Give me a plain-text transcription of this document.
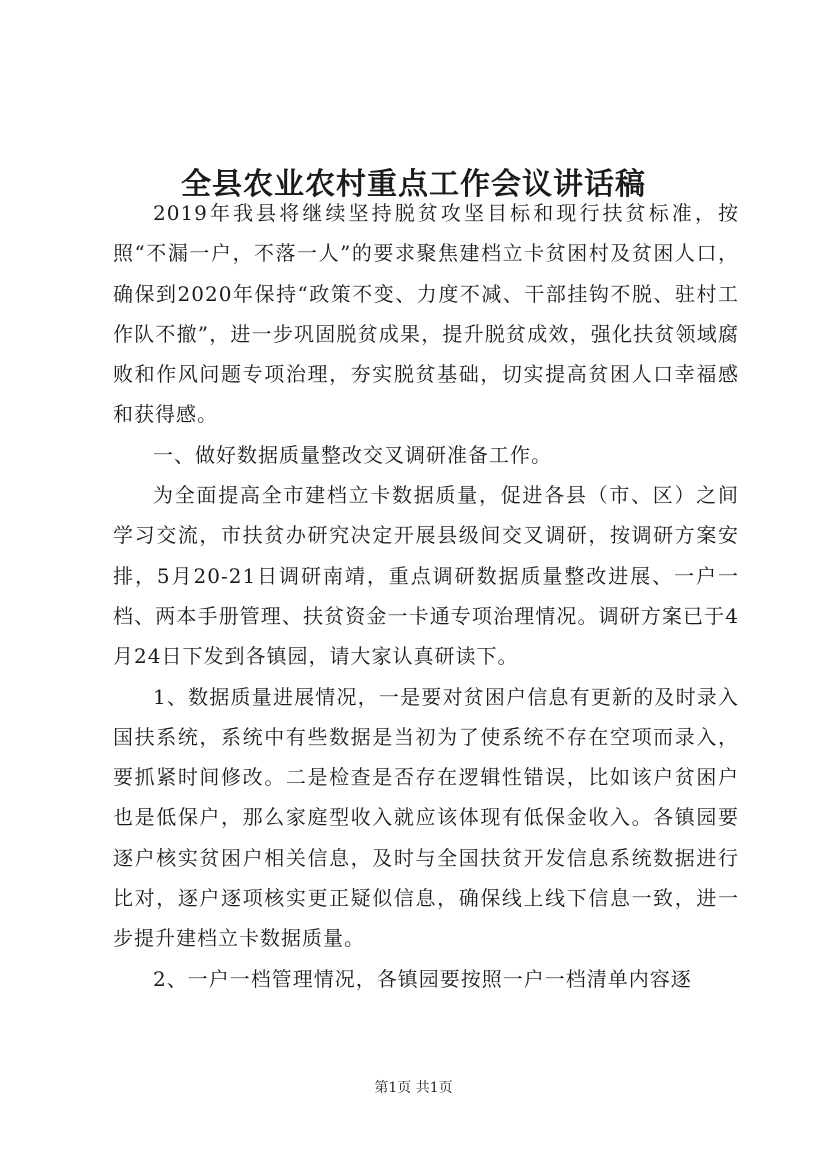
全县农业农村重点工作会议讲话稿

2019年我县将继续坚持脱贫攻坚目标和现行扶贫标准，按照“不漏一户，不落一人”的要求聚焦建档立卡贫困村及贫困人口，确保到2020年保持“政策不变、力度不减、干部挂钩不脱、驻村工作队不撤”，进一步巩固脱贫成果，提升脱贫成效，强化扶贫领域腐败和作风问题专项治理，夯实脱贫基础，切实提高贫困人口幸福感和获得感。

一、做好数据质量整改交叉调研准备工作。

为全面提高全市建档立卡数据质量，促进各县（市、区）之间学习交流，市扶贫办研究决定开展县级间交叉调研，按调研方案安排，5月20-21日调研南靖，重点调研数据质量整改进展、一户一档、两本手册管理、扶贫资金一卡通专项治理情况。调研方案已于4月24日下发到各镇园，请大家认真研读下。

1、数据质量进展情况，一是要对贫困户信息有更新的及时录入国扶系统，系统中有些数据是当初为了使系统不存在空项而录入，要抓紧时间修改。二是检查是否存在逻辑性错误，比如该户贫困户也是低保户，那么家庭型收入就应该体现有低保金收入。各镇园要逐户核实贫困户相关信息，及时与全国扶贫开发信息系统数据进行比对，逐户逐项核实更正疑似信息，确保线上线下信息一致，进一步提升建档立卡数据质量。

2、一户一档管理情况，各镇园要按照一户一档清单内容逐

第1页 共1页
